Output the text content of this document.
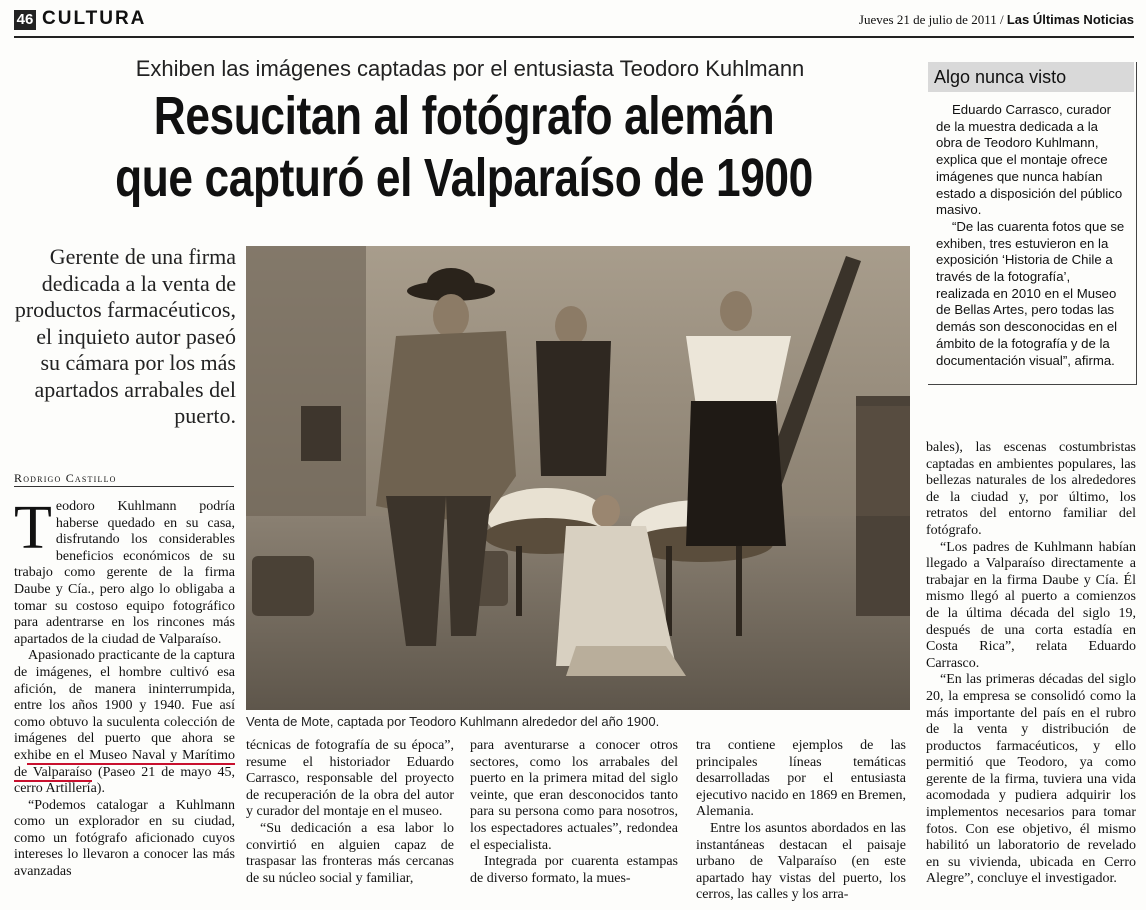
46 CULTURA	Jueves 21 de julio de 2011 / Las Últimas Noticias
Exhiben las imágenes captadas por el entusiasta Teodoro Kuhlmann
Resucitan al fotógrafo alemán
que capturó el Valparaíso de 1900
Algo nunca visto

Eduardo Carrasco, curador de la muestra dedicada a la obra de Teodoro Kuhlmann, explica que el montaje ofrece imágenes que nunca habían estado a disposición del público masivo.

“De las cuarenta fotos que se exhiben, tres estuvieron en la exposición ‘Historia de Chile a través de la fotografía’, realizada en 2010 en el Museo de Bellas Artes, pero todas las demás son desconocidas en el ámbito de la fotografía y de la documentación visual”, afirma.

Gerente de una firma dedicada a la venta de productos farmacéuticos, el inquieto autor paseó su cámara por los más apartados arrabales del puerto.
Rodrigo Castillo
Venta de Mote, captada por Teodoro Kuhlmann alrededor del año 1900.

Teodoro Kuhlmann podría haberse quedado en su casa, disfrutando los considerables beneficios económicos de su trabajo como gerente de la firma Daube y Cía., pero algo lo obligaba a tomar su costoso equipo fotográfico para adentrarse en los rincones más apartados de la ciudad de Valparaíso.

Apasionado practicante de la captura de imágenes, el hombre cultivó esa afición, de manera ininterrumpida, entre los años 1900 y 1940. Fue así como obtuvo la suculenta colección de imágenes del puerto que ahora se exhibe en el Museo Naval y Marítimo de Valparaíso (Paseo 21 de mayo 45, cerro Artillería).

“Podemos catalogar a Kuhlmann como un explorador en su ciudad, como un fotógrafo aficionado cuyos intereses lo llevaron a conocer las más avanzadas

técnicas de fotografía de su época”, resume el historiador Eduardo Carrasco, responsable del proyecto de recuperación de la obra del autor y curador del montaje en el museo.

“Su dedicación a esa labor lo convirtió en alguien capaz de traspasar las fronteras más cercanas de su núcleo social y familiar,

para aventurarse a conocer otros sectores, como los arrabales del puerto en la primera mitad del siglo veinte, que eran desconocidos tanto para su persona como para nosotros, los espectadores actuales”, redondea el especialista.

Integrada por cuarenta estampas de diverso formato, la mues-

tra contiene ejemplos de las principales líneas temáticas desarrolladas por el entusiasta ejecutivo nacido en 1869 en Bremen, Alemania.

Entre los asuntos abordados en las instantáneas destacan el paisaje urbano de Valparaíso (en este apartado hay vistas del puerto, los cerros, las calles y los arra-

bales), las escenas costumbristas captadas en ambientes populares, las bellezas naturales de los alrededores de la ciudad y, por último, los retratos del entorno familiar del fotógrafo.

“Los padres de Kuhlmann habían llegado a Valparaíso directamente a trabajar en la firma Daube y Cía. Él mismo llegó al puerto a comienzos de la última década del siglo 19, después de una corta estadía en Costa Rica”, relata Eduardo Carrasco.

“En las primeras décadas del siglo 20, la empresa se consolidó como la más importante del país en el rubro de la venta y distribución de productos farmacéuticos, y ello permitió que Teodoro, ya como gerente de la firma, tuviera una vida acomodada y pudiera adquirir los implementos necesarios para tomar fotos. Con ese objetivo, él mismo habilitó un laboratorio de revelado en su vivienda, ubicada en Cerro Alegre”, concluye el investigador.
